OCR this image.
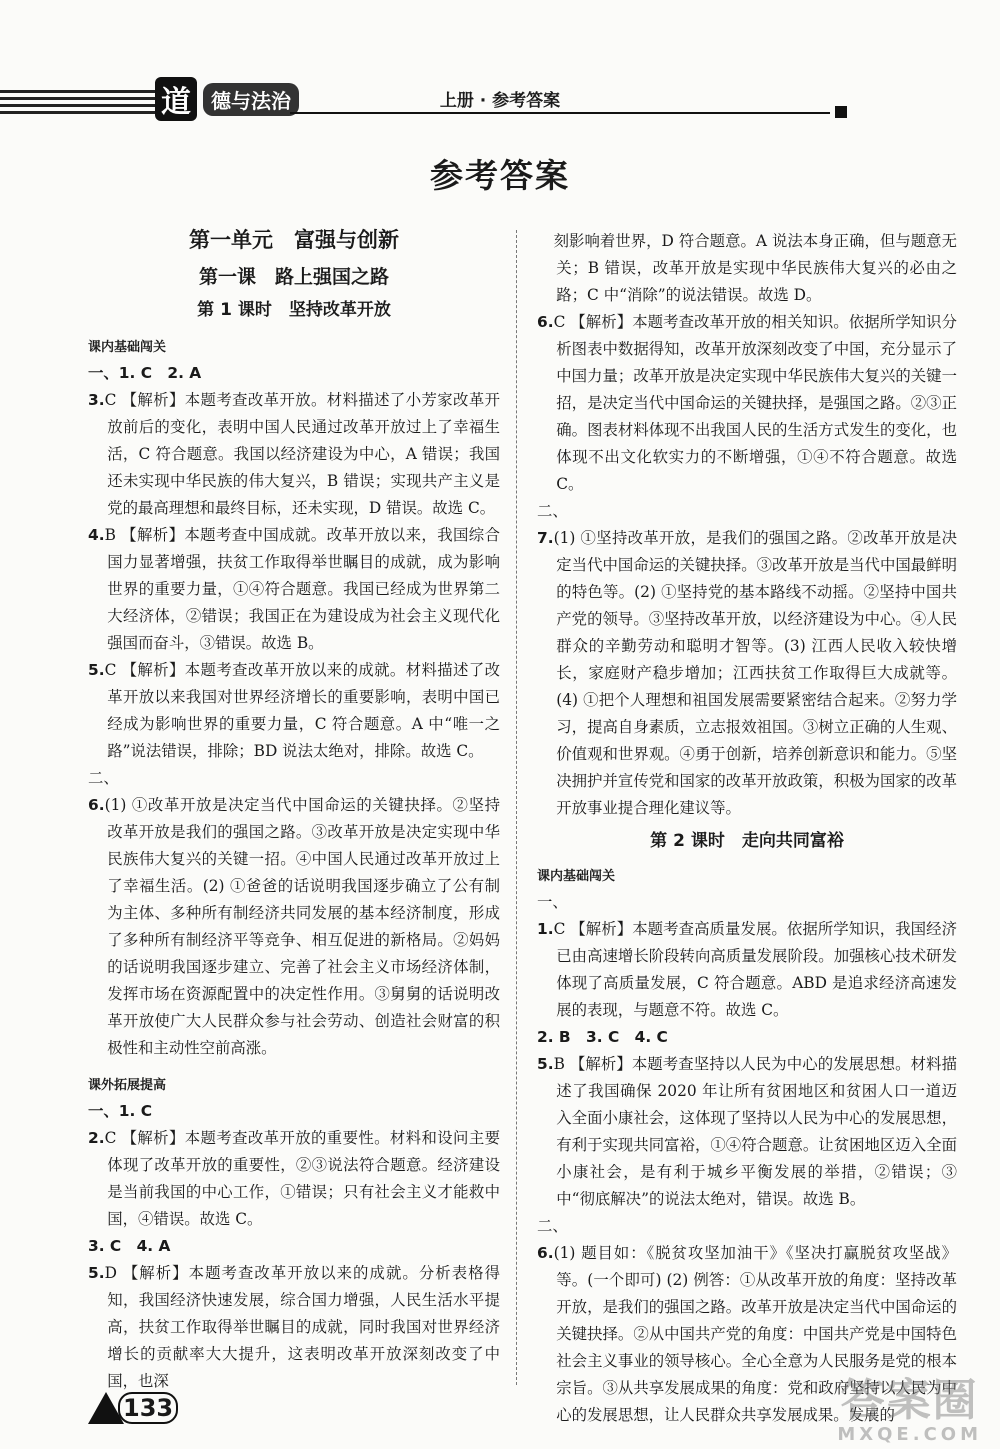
道	德与法治	上册 · 参考答案
参考答案
第一单元　富强与创新
第一课　路上强国之路
第 1 课时　坚持改革开放
课内基础闯关

一、1. C　2. A

3.C 【解析】本题考查改革开放。材料描述了小芳家改革开放前后的变化，表明中国人民通过改革开放过上了幸福生活，C 符合题意。我国以经济建设为中心，A 错误；我国还未实现中华民族的伟大复兴，B 错误；实现共产主义是党的最高理想和最终目标，还未实现，D 错误。故选 C。

4.B 【解析】本题考查中国成就。改革开放以来，我国综合国力显著增强，扶贫工作取得举世瞩目的成就，成为影响世界的重要力量，①④符合题意。我国已经成为世界第二大经济体，②错误；我国正在为建设成为社会主义现代化强国而奋斗，③错误。故选 B。

5.C 【解析】本题考查改革开放以来的成就。材料描述了改革开放以来我国对世界经济增长的重要影响，表明中国已经成为影响世界的重要力量，C 符合题意。A 中“唯一之路”说法错误，排除；BD 说法太绝对，排除。故选 C。

二、

6.(1) ①改革开放是决定当代中国命运的关键抉择。②坚持改革开放是我们的强国之路。③改革开放是决定实现中华民族伟大复兴的关键一招。④中国人民通过改革开放过上了幸福生活。(2) ①爸爸的话说明我国逐步确立了公有制为主体、多种所有制经济共同发展的基本经济制度，形成了多种所有制经济平等竞争、相互促进的新格局。②妈妈的话说明我国逐步建立、完善了社会主义市场经济体制，发挥市场在资源配置中的决定性作用。③舅舅的话说明改革开放使广大人民群众参与社会劳动、创造社会财富的积极性和主动性空前高涨。

课外拓展提高

一、1. C

2.C 【解析】本题考查改革开放的重要性。材料和设问主要体现了改革开放的重要性，②③说法符合题意。经济建设是当前我国的中心工作，①错误；只有社会主义才能救中国，④错误。故选 C。

3. C　4. A

5.D 【解析】本题考查改革开放以来的成就。分析表格得知，我国经济快速发展，综合国力增强，人民生活水平提高，扶贫工作取得举世瞩目的成就，同时我国对世界经济增长的贡献率大大提升，这表明改革开放深刻改变了中国，也深

刻影响着世界，D 符合题意。A 说法本身正确，但与题意无关；B 错误，改革开放是实现中华民族伟大复兴的必由之路；C 中“消除”的说法错误。故选 D。

6.C 【解析】本题考查改革开放的相关知识。依据所学知识分析图表中数据得知，改革开放深刻改变了中国，充分显示了中国力量；改革开放是决定实现中华民族伟大复兴的关键一招，是决定当代中国命运的关键抉择，是强国之路。②③正确。图表材料体现不出我国人民的生活方式发生的变化，也体现不出文化软实力的不断增强，①④不符合题意。故选 C。

二、

7.(1) ①坚持改革开放，是我们的强国之路。②改革开放是决定当代中国命运的关键抉择。③改革开放是当代中国最鲜明的特色等。(2) ①坚持党的基本路线不动摇。②坚持中国共产党的领导。③坚持改革开放，以经济建设为中心。④人民群众的辛勤劳动和聪明才智等。(3) 江西人民收入较快增长，家庭财产稳步增加；江西扶贫工作取得巨大成就等。(4) ①把个人理想和祖国发展需要紧密结合起来。②努力学习，提高自身素质，立志报效祖国。③树立正确的人生观、价值观和世界观。④勇于创新，培养创新意识和能力。⑤坚决拥护并宣传党和国家的改革开放政策，积极为国家的改革开放事业提合理化建议等。

第 2 课时　走向共同富裕
课内基础闯关

一、

1.C 【解析】本题考查高质量发展。依据所学知识，我国经济已由高速增长阶段转向高质量发展阶段。加强核心技术研发体现了高质量发展，C 符合题意。ABD 是追求经济高速发展的表现，与题意不符。故选 C。

2. B　3. C　4. C

5.B 【解析】本题考查坚持以人民为中心的发展思想。材料描述了我国确保 2020 年让所有贫困地区和贫困人口一道迈入全面小康社会，这体现了坚持以人民为中心的发展思想，有利于实现共同富裕，①④符合题意。让贫困地区迈入全面小康社会，是有利于城乡平衡发展的举措，②错误；③中“彻底解决”的说法太绝对，错误。故选 B。

二、

6.(1) 题目如：《脱贫攻坚加油干》《坚决打赢脱贫攻坚战》等。(一个即可) (2) 例答：①从改革开放的角度：坚持改革开放，是我们的强国之路。改革开放是决定当代中国命运的关键抉择。②从中国共产党的角度：中国共产党是中国特色社会主义事业的领导核心。全心全意为人民服务是党的根本宗旨。③从共享发展成果的角度：党和政府坚持以人民为中心的发展思想，让人民群众共享发展成果。发展的

133	答案圈
MXQE.COM
